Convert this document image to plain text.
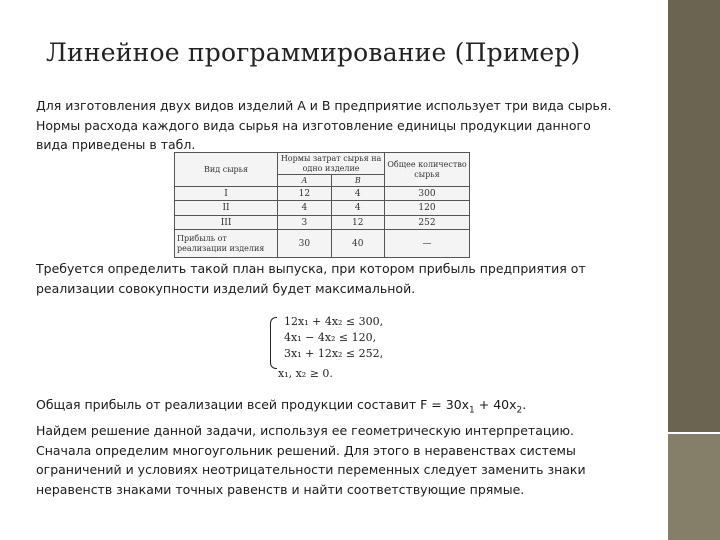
Линейное программирование (Пример)
Для изготовления двух видов изделий A и B предприятие использует три вида сырья.
Нормы расхода каждого вида сырья на изготовление единицы продукции данного
вида приведены в табл.
Вид сырья	Нормы затрат сырья на одно изделие		Общее количество сырья
	A	B	
I	12	4	300
II	4	4	120
III	3	12	252
Прибыль от реализации изделия	30	40	—
Требуется определить такой план выпуска, при котором прибыль предприятия от
реализации совокупности изделий будет максимальной.
12x₁ + 4x₂ ≤ 300,
4x₁ − 4x₂ ≤ 120,
3x₁ + 12x₂ ≤ 252,
x₁, x₂ ≥ 0.
Общая прибыль от реализации всей продукции составит $F = 30x_1 + 40x_2$.
Найдем решение данной задачи, используя ее геометрическую интерпретацию.
Сначала определим многоугольник решений. Для этого в неравенствах системы
ограничений и условиях неотрицательности переменных следует заменить знаки
неравенств знаками точных равенств и найти соответствующие прямые.
